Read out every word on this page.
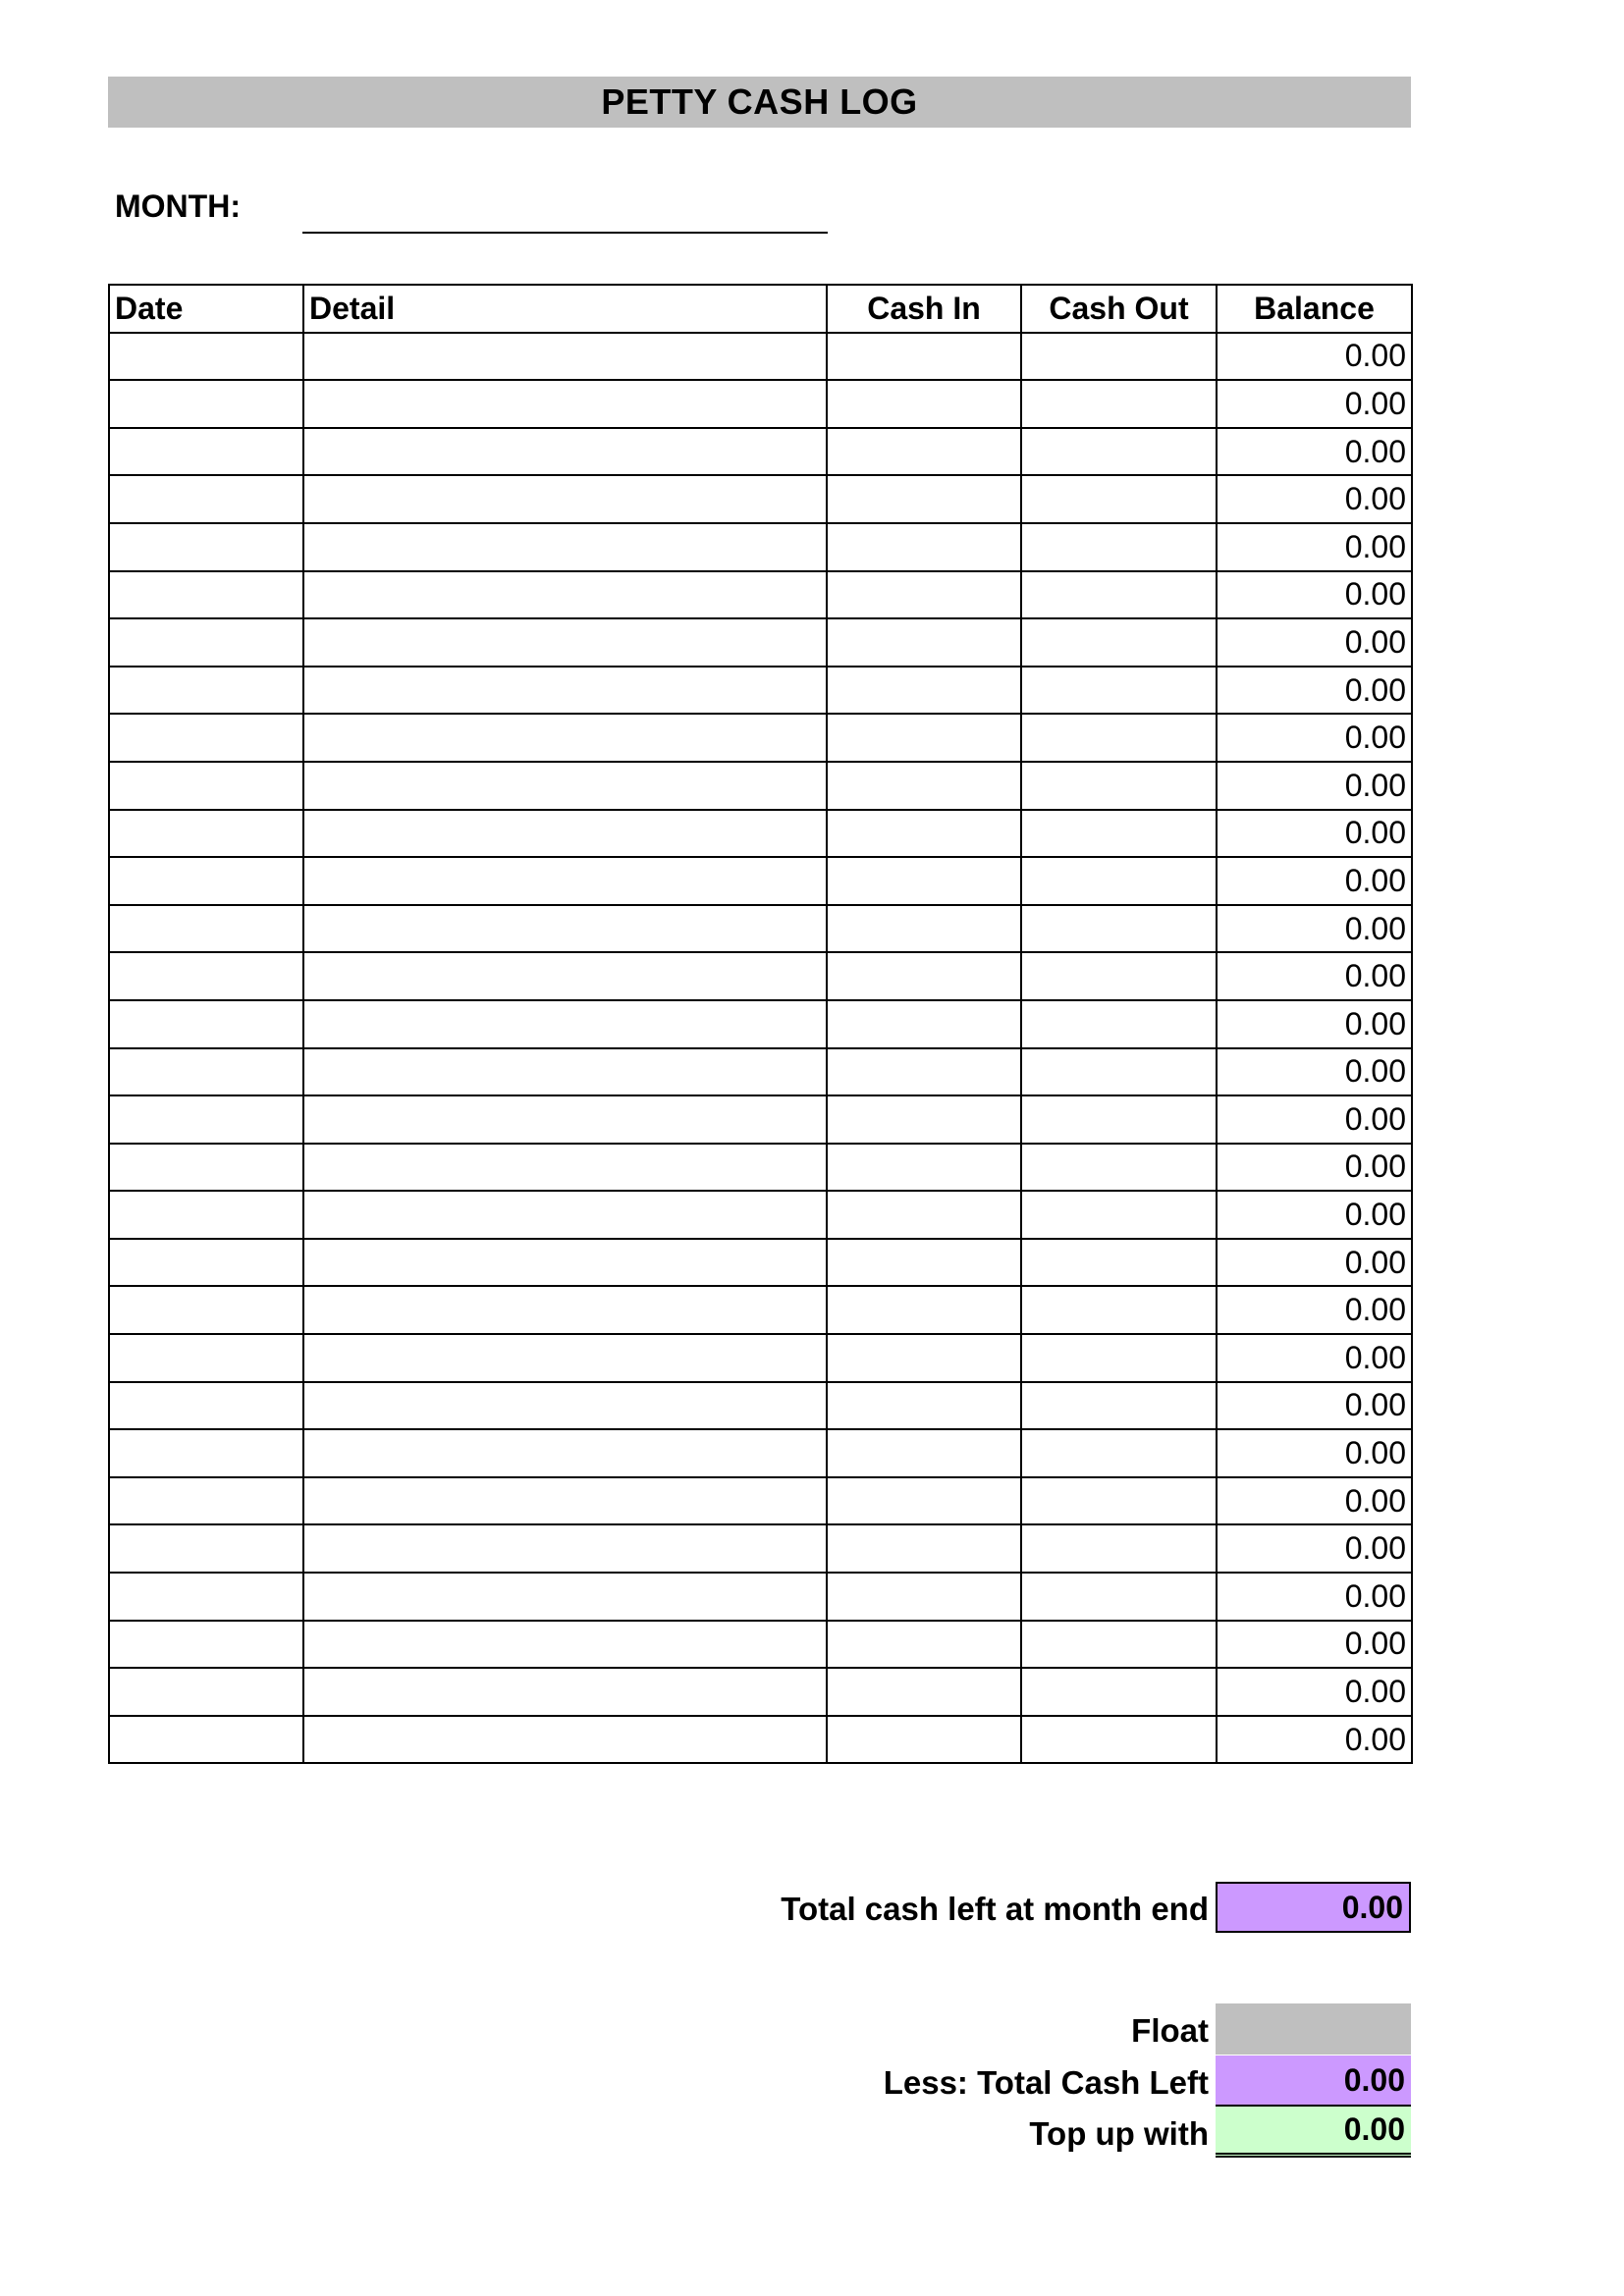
PETTY CASH LOG
MONTH:
Date	Detail	Cash In	Cash Out	Balance
				0.00
				0.00
				0.00
				0.00
				0.00
				0.00
				0.00
				0.00
				0.00
				0.00
				0.00
				0.00
				0.00
				0.00
				0.00
				0.00
				0.00
				0.00
				0.00
				0.00
				0.00
				0.00
				0.00
				0.00
				0.00
				0.00
				0.00
				0.00
				0.00
				0.00
Total cash left at month end	0.00
Float
Less: Total Cash Left	0.00
Top up with	0.00
